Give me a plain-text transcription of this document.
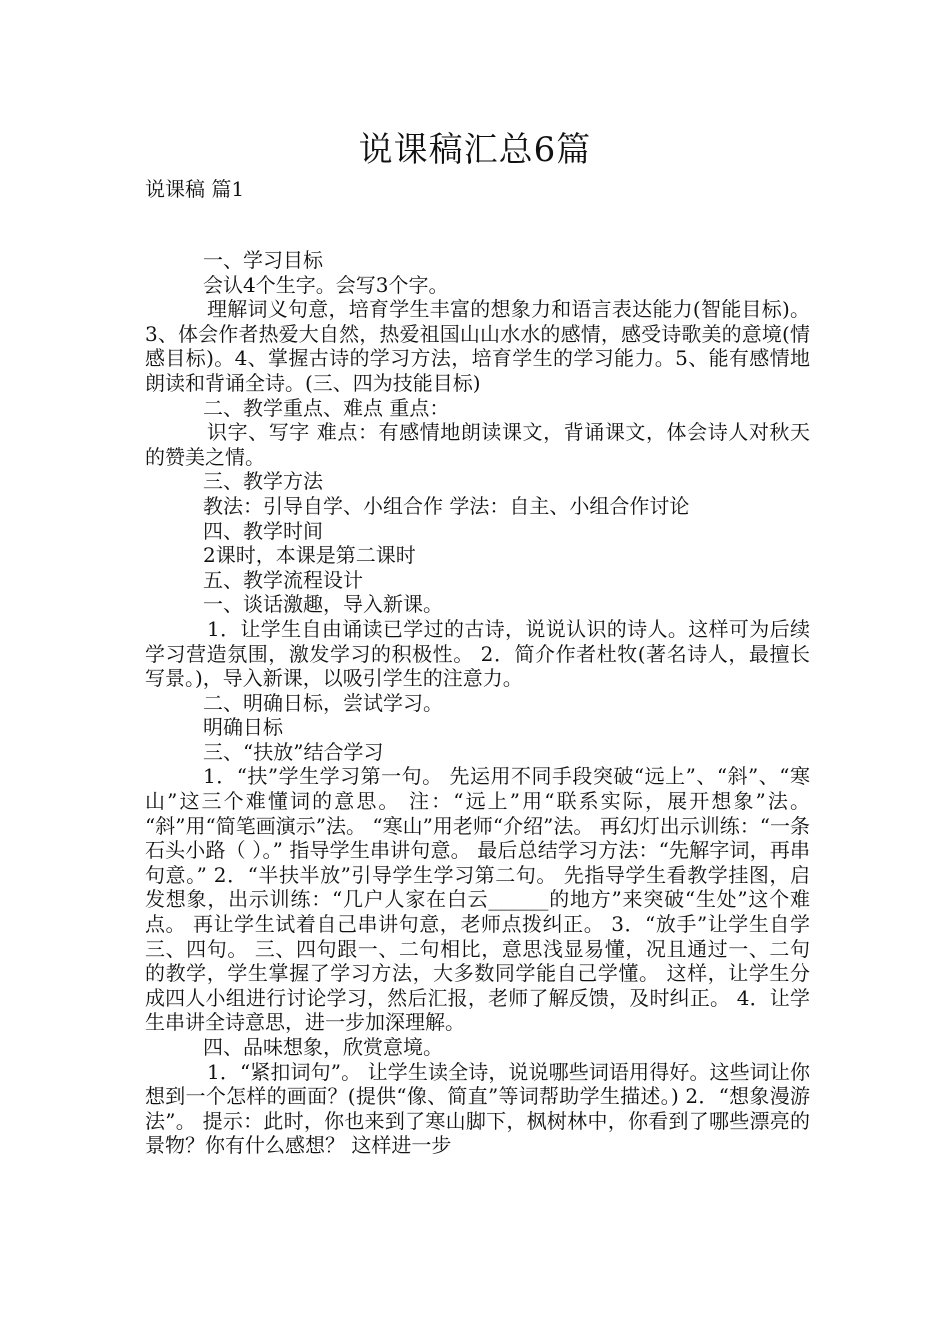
说课稿汇总6篇
说课稿 篇1

一、学习目标

会认4个生字。会写3个字。

理解词义句意，培育学生丰富的想象力和语言表达能力(智能目标)。3、体会作者热爱大自然，热爱祖国山山水水的感情，感受诗歌美的意境(情感目标)。4、掌握古诗的学习方法，培育学生的学习能力。5、能有感情地朗读和背诵全诗。(三、四为技能目标)

二、教学重点、难点 重点：

识字、写字 难点：有感情地朗读课文，背诵课文，体会诗人对秋天的赞美之情。

三、教学方法

教法：引导自学、小组合作 学法：自主、小组合作讨论

四、教学时间

2课时，本课是第二课时

五、教学流程设计

一、谈话激趣，导入新课。

1．让学生自由诵读已学过的古诗，说说认识的诗人。这样可为后续学习营造氛围，激发学习的积极性。 2．简介作者杜牧(著名诗人，最擅长写景。)，导入新课，以吸引学生的注意力。

二、明确日标，尝试学习。

明确日标

三、“扶放”结合学习

1．“扶”学生学习第一句。 先运用不同手段突破“远上”、“斜”、“寒山”这三个难懂词的意思。 注：“远上”用“联系实际，展开想象”法。 “斜”用“简笔画演示”法。 “寒山”用老师“介绍”法。 再幻灯出示训练：“一条石头小路（ ）。” 指导学生串讲句意。 最后总结学习方法：“先解字词，再串句意。” 2．“半扶半放”引导学生学习第二句。 先指导学生看教学挂图，启发想象，出示训练：“几户人家在白云______的地方”来突破“生处”这个难点。 再让学生试着自己串讲句意，老师点拨纠正。 3．“放手”让学生自学三、四句。 三、四句跟一、二句相比，意思浅显易懂，况且通过一、二句的教学，学生掌握了学习方法，大多数同学能自己学懂。 这样，让学生分成四人小组进行讨论学习，然后汇报，老师了解反馈，及时纠正。 4．让学生串讲全诗意思，进一步加深理解。

四、品味想象，欣赏意境。

1．“紧扣词句”。 让学生读全诗，说说哪些词语用得好。这些词让你想到一个怎样的画面？(提供“像、简直”等词帮助学生描述。) 2．“想象漫游法”。 提示：此时，你也来到了寒山脚下，枫树林中，你看到了哪些漂亮的景物？你有什么感想？ 这样进一步
